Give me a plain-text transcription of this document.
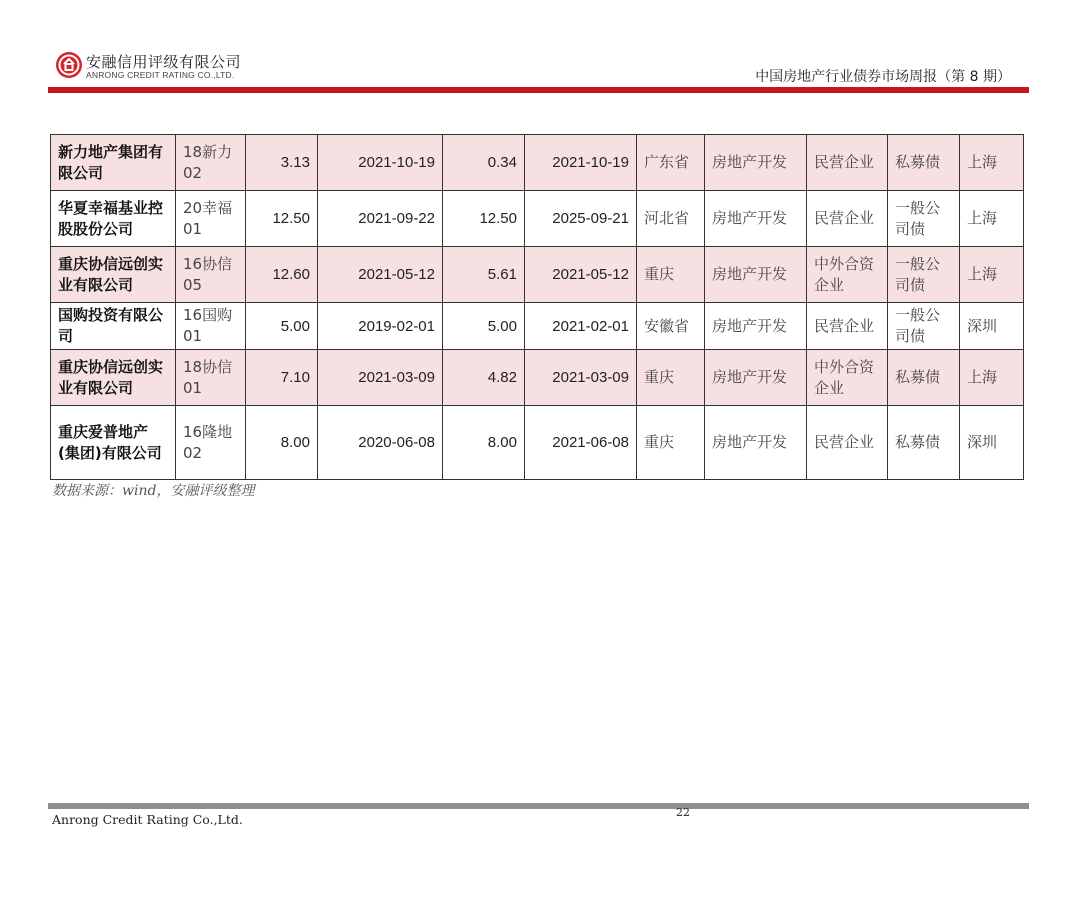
安融信用评级有限公司
ANRONG CREDIT RATING CO.,LTD.	中国房地产行业债券市场周报（第 8 期）
新力地产集团有限公司	18新力02	3.13	2021-10-19	0.34	2021-10-19	广东省	房地产开发	民营企业	私募债	上海
华夏幸福基业控股股份公司	20幸福01	12.50	2021-09-22	12.50	2025-09-21	河北省	房地产开发	民营企业	一般公司债	上海
重庆协信远创实业有限公司	16协信05	12.60	2021-05-12	5.61	2021-05-12	重庆	房地产开发	中外合资企业	一般公司债	上海
国购投资有限公司	16国购01	5.00	2019-02-01	5.00	2021-02-01	安徽省	房地产开发	民营企业	一般公司债	深圳
重庆协信远创实业有限公司	18协信01	7.10	2021-03-09	4.82	2021-03-09	重庆	房地产开发	中外合资企业	私募债	上海
重庆爱普地产(集团)有限公司	16隆地02	8.00	2020-06-08	8.00	2021-06-08	重庆	房地产开发	民营企业	私募债	深圳
数据来源：wind，安融评级整理
Anrong Credit Rating Co.,Ltd.	22
